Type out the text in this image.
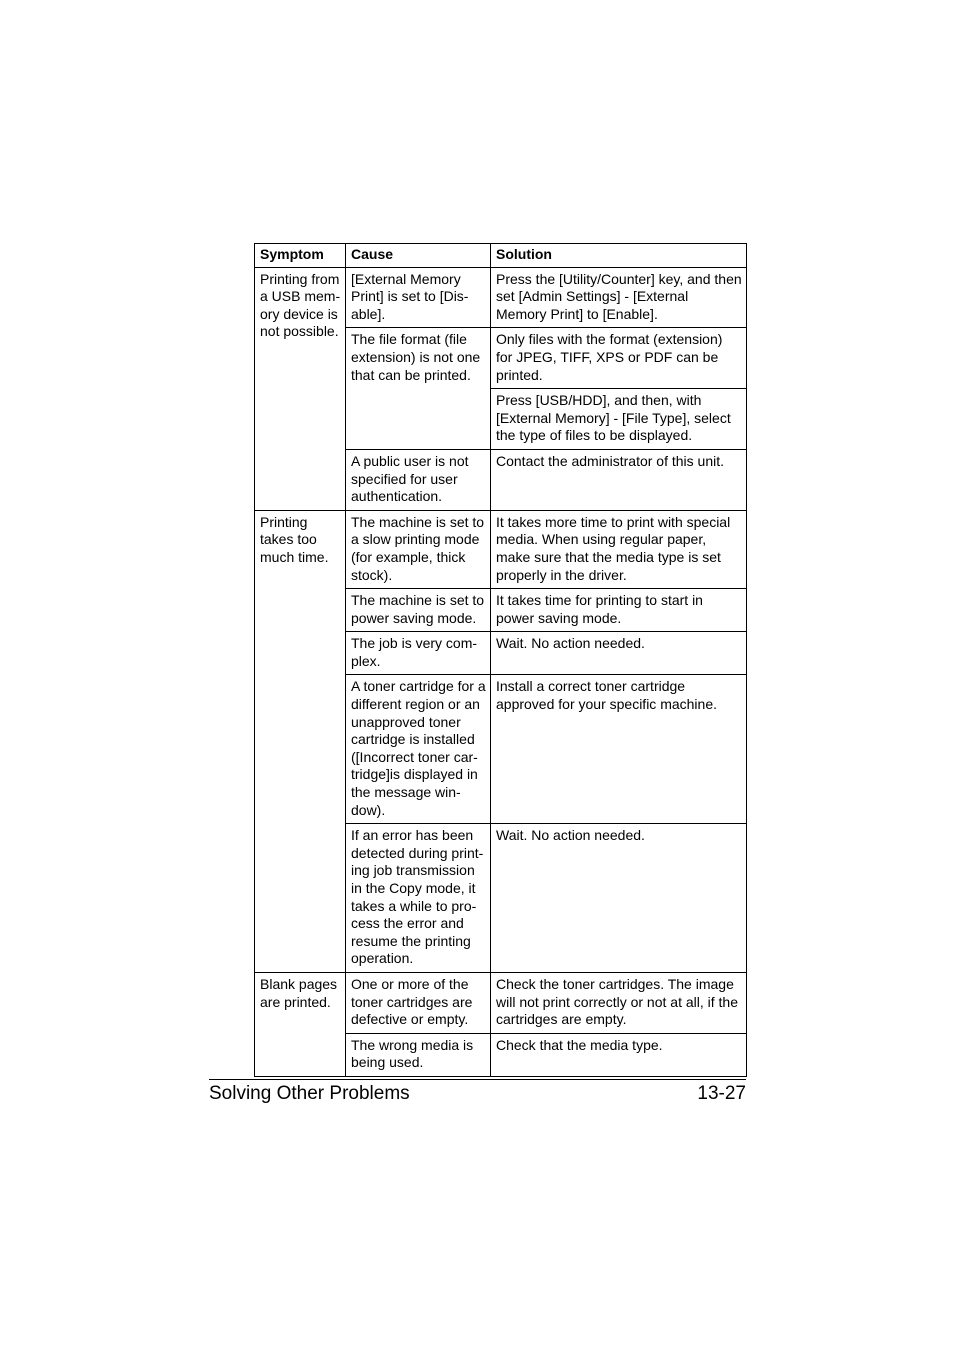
Symptom	Cause	Solution
Printing from a USB mem-ory device is not possible.	[External Memory Print] is set to [Dis-able].	Press the [Utility/Counter] key, and then set [Admin Settings] - [External Memory Print] to [Enable].
	The file format (file extension) is not one that can be printed.	Only files with the format (extension) for JPEG, TIFF, XPS or PDF can be printed.
		Press [USB/HDD], and then, with [External Memory] - [File Type], select the type of files to be displayed.
	A public user is not specified for user authentication.	Contact the administrator of this unit.
Printing takes too much time.	The machine is set to a slow printing mode (for example, thick stock).	It takes more time to print with special media. When using regular paper, make sure that the media type is set properly in the driver.
	The machine is set to power saving mode.	It takes time for printing to start in power saving mode.
	The job is very com-plex.	Wait. No action needed.
	A toner cartridge for a different region or an unapproved toner cartridge is installed ([Incorrect toner car-tridge]is displayed in the message win-dow).	Install a correct toner cartridge approved for your specific machine.
	If an error has been detected during print-ing job transmission in the Copy mode, it takes a while to pro-cess the error and resume the printing operation.	Wait. No action needed.
Blank pages are printed.	One or more of the toner cartridges are defective or empty.	Check the toner cartridges. The image will not print correctly or not at all, if the cartridges are empty.
	The wrong media is being used.	Check that the media type.
Solving Other Problems	13-27
